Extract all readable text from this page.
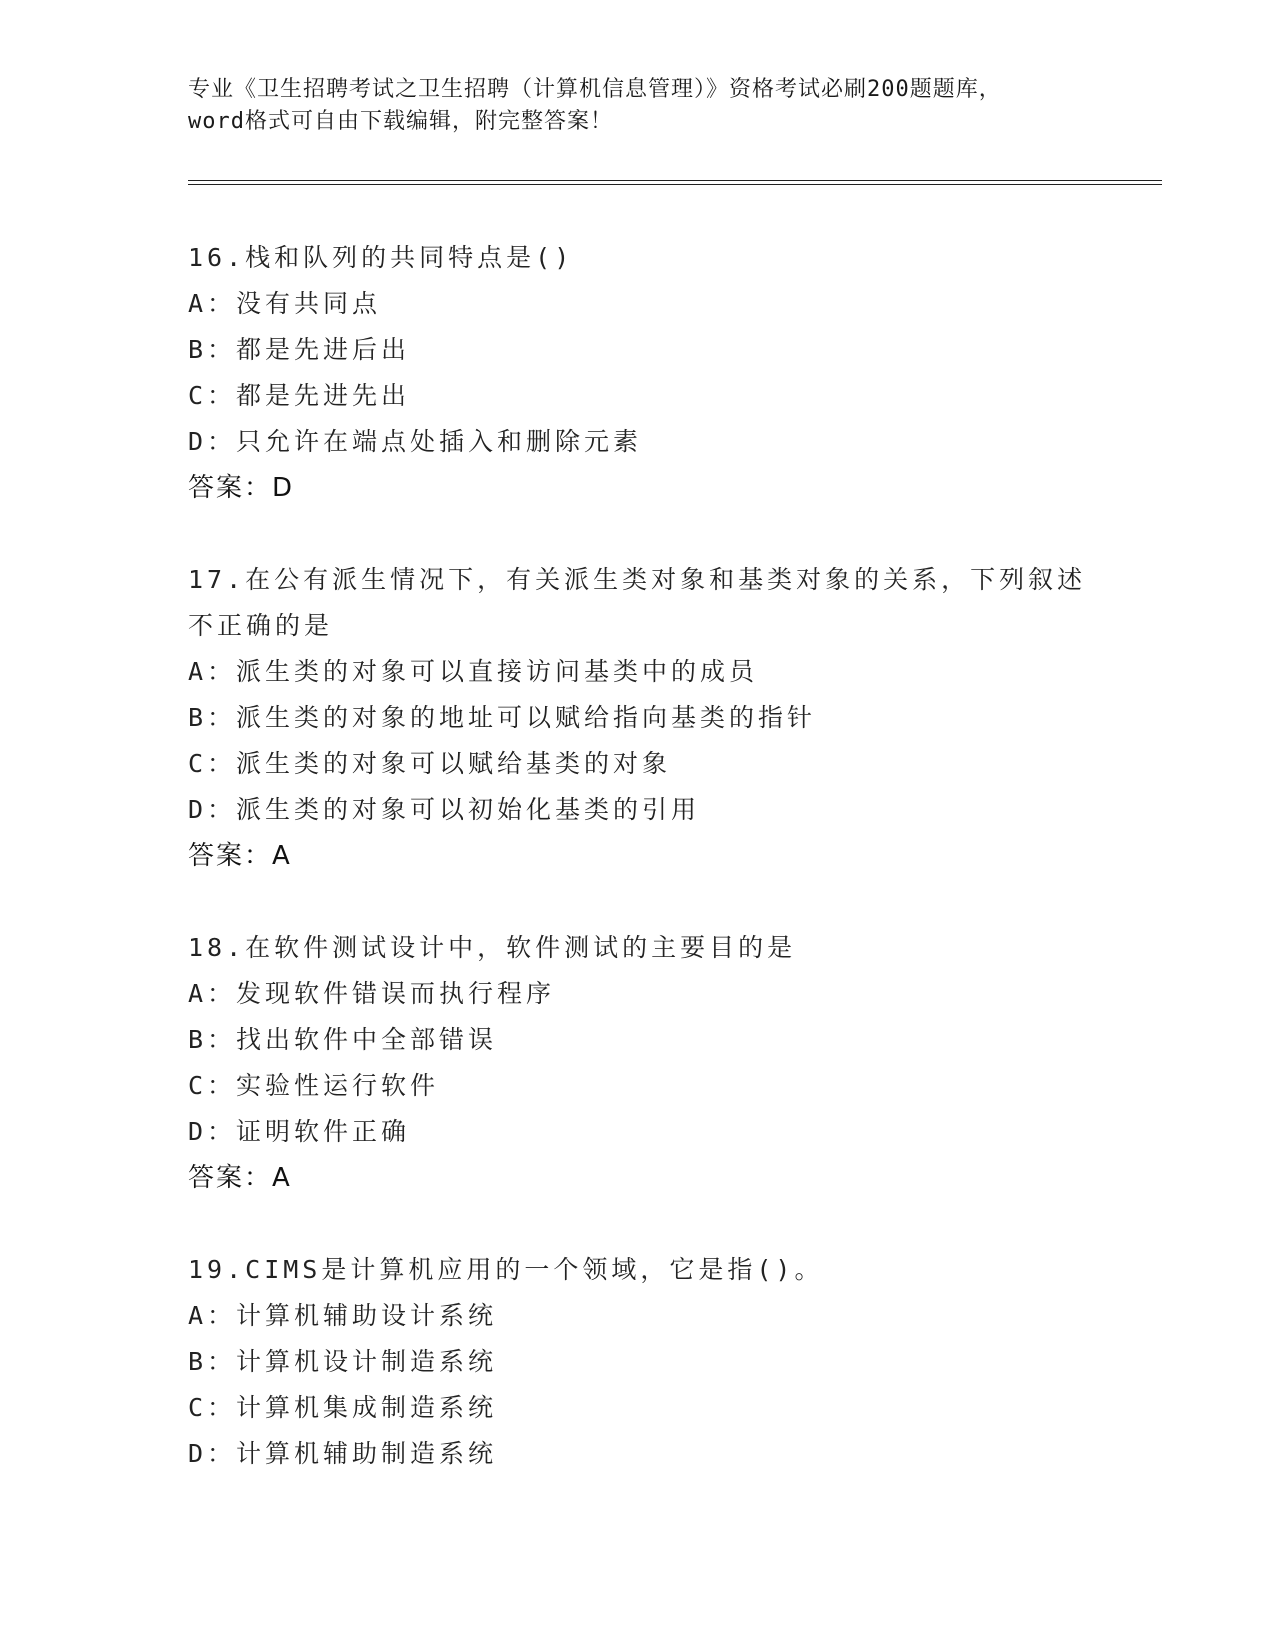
专业《卫生招聘考试之卫生招聘（计算机信息管理）》资格考试必刷200题题库，
word格式可自由下载编辑，附完整答案！
16.栈和队列的共同特点是()
A：没有共同点
B：都是先进后出
C：都是先进先出
D：只允许在端点处插入和删除元素
答案：D
17.在公有派生情况下，有关派生类对象和基类对象的关系，下列叙述
不正确的是
A：派生类的对象可以直接访问基类中的成员
B：派生类的对象的地址可以赋给指向基类的指针
C：派生类的对象可以赋给基类的对象
D：派生类的对象可以初始化基类的引用
答案：A
18.在软件测试设计中，软件测试的主要目的是
A：发现软件错误而执行程序
B：找出软件中全部错误
C：实验性运行软件
D：证明软件正确
答案：A
19.CIMS是计算机应用的一个领域，它是指()。
A：计算机辅助设计系统
B：计算机设计制造系统
C：计算机集成制造系统
D：计算机辅助制造系统
